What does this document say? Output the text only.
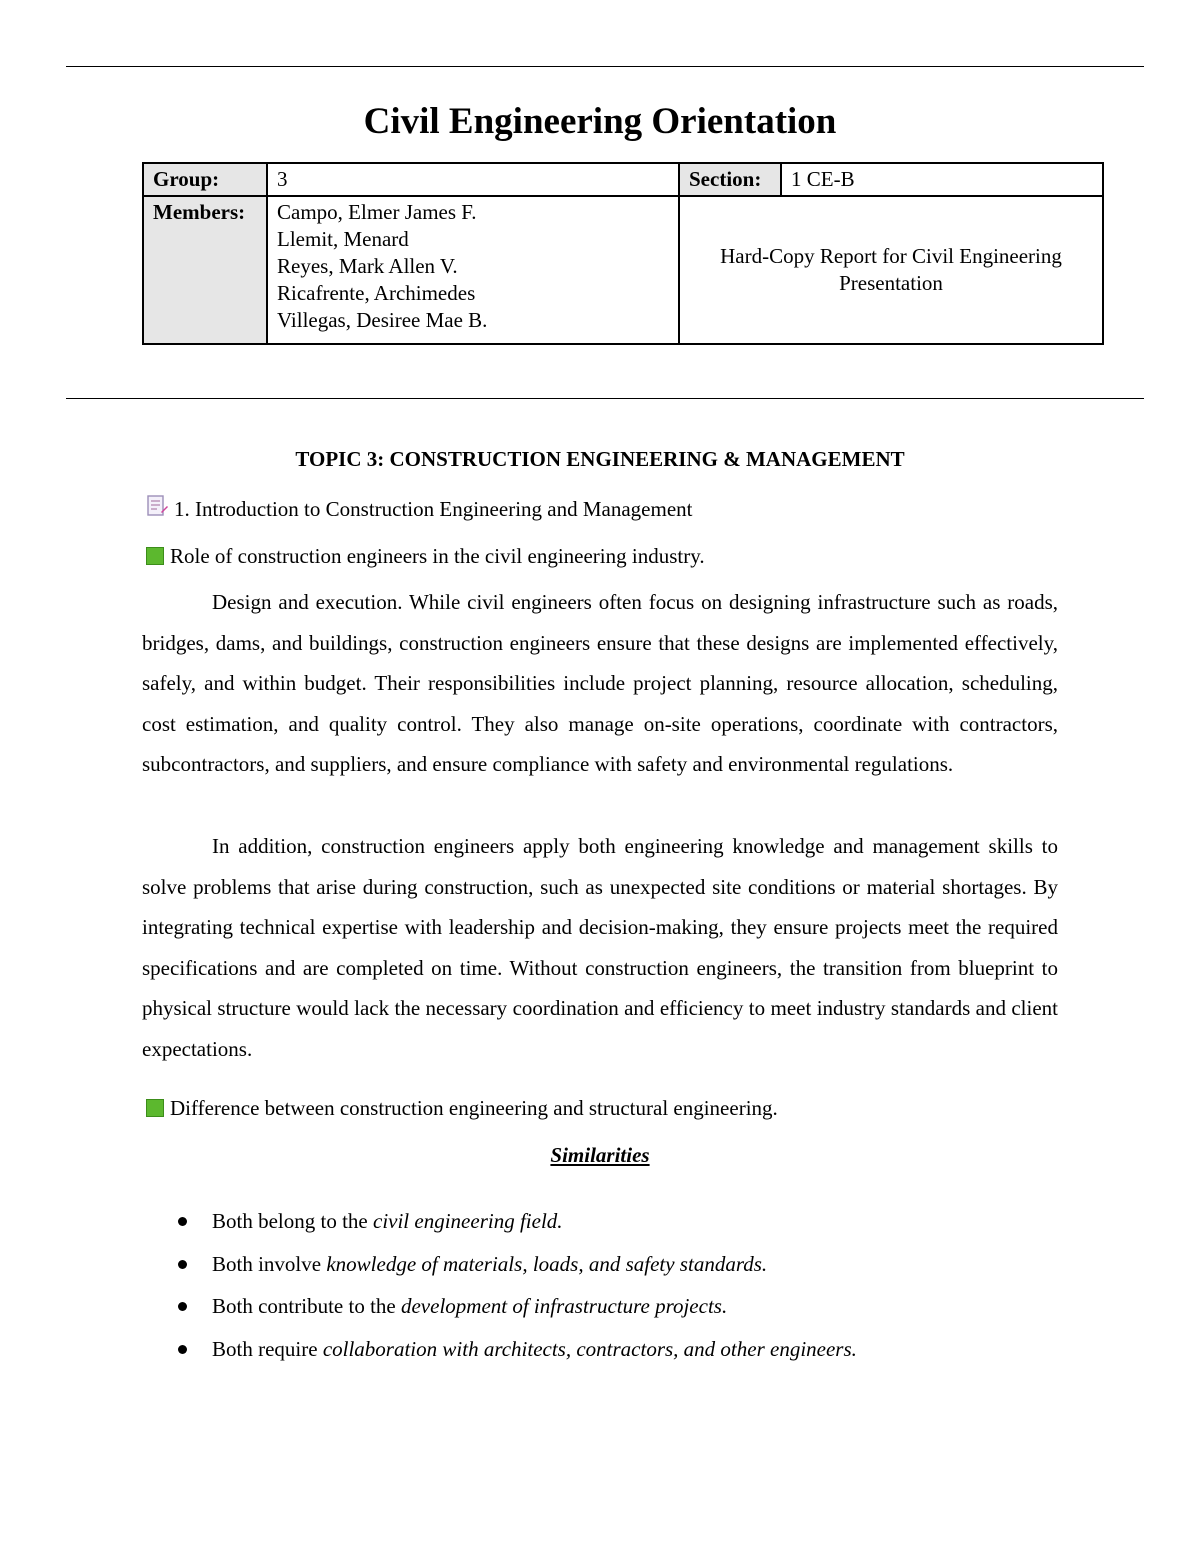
Civil Engineering Orientation
Group:	3	Section:	1 CE-B
Members:	Campo, Elmer James F.
Llemit, Menard
Reyes, Mark Allen V.
Ricafrente, Archimedes
Villegas, Desiree Mae B.	Hard-Copy Report for Civil Engineering
Presentation	
TOPIC 3: CONSTRUCTION ENGINEERING & MANAGEMENT
1. Introduction to Construction Engineering and Management
Role of construction engineers in the civil engineering industry.

Design and execution. While civil engineers often focus on designing infrastructure such as roads, bridges, dams, and buildings, construction engineers ensure that these designs are implemented effectively, safely, and within budget. Their responsibilities include project planning, resource allocation, scheduling, cost estimation, and quality control. They also manage on-site operations, coordinate with contractors, subcontractors, and suppliers, and ensure compliance with safety and environmental regulations.

In addition, construction engineers apply both engineering knowledge and management skills to solve problems that arise during construction, such as unexpected site conditions or material shortages. By integrating technical expertise with leadership and decision-making, they ensure projects meet the required specifications and are completed on time. Without construction engineers, the transition from blueprint to physical structure would lack the necessary coordination and efficiency to meet industry standards and client expectations.

Difference between construction engineering and structural engineering.
Similarities
Both belong to the civil engineering field.
Both involve knowledge of materials, loads, and safety standards.
Both contribute to the development of infrastructure projects.
Both require collaboration with architects, contractors, and other engineers.
